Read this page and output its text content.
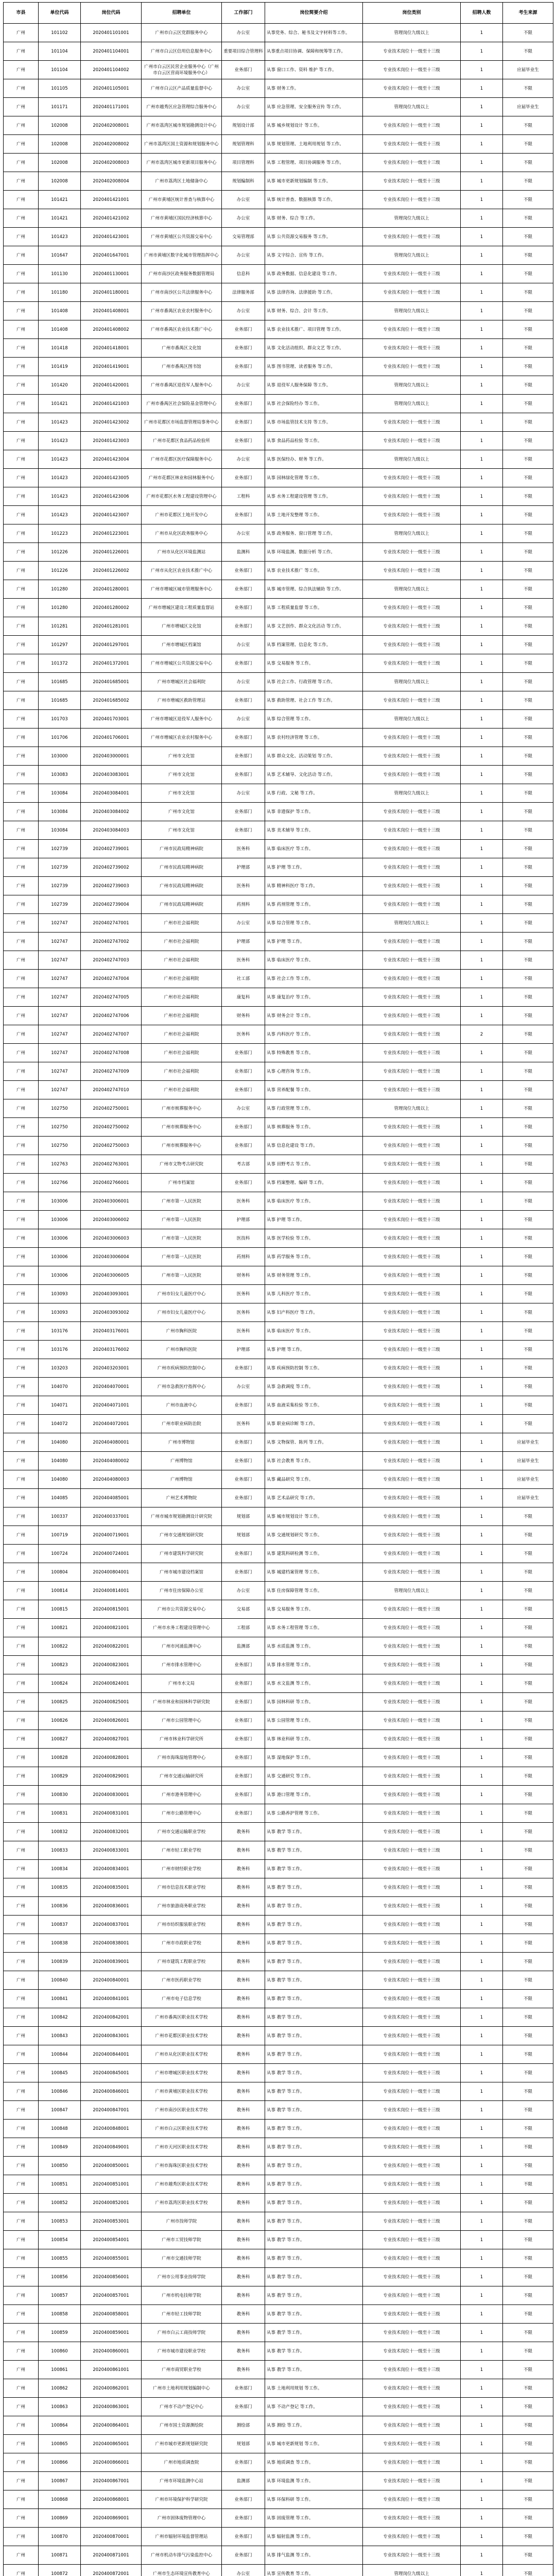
市县	单位代码	岗位代码	招聘单位	工作部门	岗位简要介绍	岗位类别	招聘人数	考生来源
广州	101102	2020401101001	广州市白云区党群服务中心	办公室	从事党务、综合、秘书及文字材料等工作。	管理岗位九级以上	1	不限
广州	101104	2020401104001	广州市白云区信用信息服务中心	重要项目综合管理科	从事重点项目协调、保障和统筹等工作。	专业技术岗位十一级至十三级	1	不限
广州	101104	2020401104002	广州市白云区民营企业服务中心（广州市白云区营商环境服务中心）	业务部门	从事 窗口工作、资料 维护 等工作。	专业技术岗位十一级至十三级	1	应届毕业生
广州	101105	2020401105001	广州市白云区产品质量监督中心	办公室	从事 财务工作。	专业技术岗位十一级至十三级	1	不限
广州	101171	2020401171001	广州市越秀区应急管理综合服务中心	办公室	从事 应急管理、安全服务宣传 等工作。	管理岗位九级以上	1	应届毕业生
广州	102008	2020402008001	广州市荔湾区城市规划勘测设计中心	规划设计部	从事 城乡规划设计 等工作。	专业技术岗位十一级至十三级	1	不限
广州	102008	2020402008002	广州市荔湾区国土资源和规划服务中心	规划管理科	从事 规划管理、土地利用规划 等工作。	专业技术岗位十一级至十三级	1	不限
广州	102008	2020402008003	广州市荔湾区城市更新项目服务中心	项目管理科	从事 工程管理、项目协调服务 等工作。	专业技术岗位十一级至十三级	1	不限
广州	102008	2020402008004	广州市荔湾区土地储备中心	规划编制科	从事 城市更新规划编制 等工作。	专业技术岗位十一级至十三级	1	不限
广州	101421	2020401421001	广州市黄埔区统计普查与核算中心	办公室	从事 统计普查、数据核算 等工作。	专业技术岗位十一级至十三级	1	不限
广州	101421	2020401421002	广州市黄埔区国民经济核算中心	办公室	从事 财务、综合 等工作。	管理岗位九级以上	1	不限
广州	101423	2020401423001	广州市黄埔区公共资源交易中心	交易管理部	从事 公共资源交易服务 等工作。	专业技术岗位十一级至十三级	1	不限
广州	101647	2020401647001	广州市黄埔区数字化城市管理指挥中心	办公室	从事 文字综合、宣传 等工作。	管理岗位九级以上	1	不限
广州	101130	2020401130001	广州市南沙区政务服务数据管理局	信息科	从事 政务数据、信息化建设 等工作。	专业技术岗位十一级至十三级	1	不限
广州	101180	2020401180001	广州市南沙区公共法律服务中心	法律服务部	从事 法律咨询、法律援助 等工作。	专业技术岗位十一级至十三级	1	不限
广州	101408	2020401408001	广州市番禺区农业农村服务中心	办公室	从事 财务、综合、会计 等工作。	管理岗位九级以上	1	不限
广州	101408	2020401408002	广州市番禺区农业技术推广中心	业务部门	从事 农业技术推广、项目管理 等工作。	专业技术岗位十一级至十三级	1	不限
广州	101418	2020401418001	广州市番禺区文化馆	业务部门	从事 文化活动组织、群众文艺 等工作。	专业技术岗位十一级至十三级	1	不限
广州	101419	2020401419001	广州市番禺区图书馆	业务部门	从事 图书管理、读者服务 等工作。	专业技术岗位十一级至十三级	1	不限
广州	101420	2020401420001	广州市番禺区退役军人服务中心	办公室	从事 退役军人服务保障 等工作。	管理岗位九级以上	1	不限
广州	101421	2020401421003	广州市番禺区社会保险基金管理中心	业务部门	从事 社会保险经办 等工作。	管理岗位九级以上	1	不限
广州	101423	2020401423002	广州市花都区市场监督管理局事务中心	业务部门	从事 市场监管技术支持 等工作。	专业技术岗位十一级至十三级	1	不限
广州	101423	2020401423003	广州市花都区食品药品检验所	业务部门	从事 食品药品检验 等工作。	专业技术岗位十一级至十三级	1	不限
广州	101423	2020401423004	广州市花都区医疗保障服务中心	办公室	从事 医保经办、财务 等工作。	管理岗位九级以上	1	不限
广州	101423	2020401423005	广州市花都区林业和园林服务中心	业务部门	从事 园林绿化管理 等工作。	专业技术岗位十一级至十三级	1	不限
广州	101423	2020401423006	广州市花都区水务工程建设管理中心	工程科	从事 水务工程建设管理 等工作。	专业技术岗位十一级至十三级	1	不限
广州	101423	2020401423007	广州市花都区土地开发中心	业务部门	从事 土地开发整理 等工作。	专业技术岗位十一级至十三级	1	不限
广州	101223	2020401223001	广州市从化区政务服务中心	办公室	从事 政务服务、窗口管理 等工作。	管理岗位九级以上	1	不限
广州	101226	2020401226001	广州市从化区环境监测站	监测科	从事 环境监测、数据分析 等工作。	专业技术岗位十一级至十三级	1	不限
广州	101226	2020401226002	广州市从化区农业技术推广中心	业务部门	从事 农业技术推广 等工作。	专业技术岗位十一级至十三级	1	不限
广州	101280	2020401280001	广州市增城区城市管理服务中心	业务部门	从事 城市管理、综合执法辅助 等工作。	管理岗位九级以上	1	不限
广州	101280	2020401280002	广州市增城区建设工程质量监督站	业务部门	从事 工程质量监督 等工作。	专业技术岗位十一级至十三级	1	不限
广州	101281	2020401281001	广州市增城区文化馆	业务部门	从事 文艺创作、群众文化活动 等工作。	专业技术岗位十一级至十三级	1	不限
广州	101297	2020401297001	广州市增城区档案馆	办公室	从事 档案管理、信息化 等工作。	专业技术岗位十一级至十三级	1	不限
广州	101372	2020401372001	广州市增城区公共资源交易中心	业务部门	从事 交易服务 等工作。	专业技术岗位十一级至十三级	1	不限
广州	101685	2020401685001	广州市增城区社会福利院	办公室	从事 社会工作、行政管理 等工作。	管理岗位九级以上	1	不限
广州	101685	2020401685002	广州市增城区救助管理站	业务部门	从事 救助管理、社会工作 等工作。	专业技术岗位十一级至十三级	1	不限
广州	101703	2020401703001	广州市增城区退役军人服务中心	办公室	从事 综合管理 等工作。	管理岗位九级以上	1	不限
广州	101706	2020401706001	广州市增城区农业农村服务中心	业务部门	从事 农村经济管理 等工作。	专业技术岗位十一级至十三级	1	不限
广州	103000	2020403000001	广州市文化馆	业务部门	从事 群众文化、活动策划 等工作。	专业技术岗位十一级至十三级	1	不限
广州	103083	2020403083001	广州市文化馆	业务部门	从事 艺术辅导、文化活动 等工作。	专业技术岗位十一级至十三级	1	不限
广州	103084	2020403084001	广州市文化馆	办公室	从事 行政、文秘 等工作。	管理岗位九级以上	1	不限
广州	103084	2020403084002	广州市文化馆	业务部门	从事 非遗保护 等工作。	专业技术岗位十一级至十三级	1	不限
广州	103084	2020403084003	广州市文化馆	业务部门	从事 美术辅导 等工作。	专业技术岗位十一级至十三级	1	不限
广州	102739	2020402739001	广州市民政局精神病院	医务科	从事 临床医疗 等工作。	专业技术岗位十一级至十三级	1	不限
广州	102739	2020402739002	广州市民政局精神病院	护理部	从事 护理 等工作。	专业技术岗位十一级至十三级	1	不限
广州	102739	2020402739003	广州市民政局精神病院	医务科	从事 精神科医疗 等工作。	专业技术岗位十一级至十三级	1	不限
广州	102739	2020402739004	广州市民政局精神病院	药剂科	从事 药剂管理 等工作。	专业技术岗位十一级至十三级	1	不限
广州	102747	2020402747001	广州市社会福利院	办公室	从事 综合管理 等工作。	管理岗位九级以上	1	不限
广州	102747	2020402747002	广州市社会福利院	护理部	从事 护理 等工作。	专业技术岗位十一级至十三级	1	不限
广州	102747	2020402747003	广州市社会福利院	医务科	从事 临床医疗 等工作。	专业技术岗位十一级至十三级	1	不限
广州	102747	2020402747004	广州市社会福利院	社工部	从事 社会工作 等工作。	专业技术岗位十一级至十三级	1	不限
广州	102747	2020402747005	广州市社会福利院	康复科	从事 康复治疗 等工作。	专业技术岗位十一级至十三级	1	不限
广州	102747	2020402747006	广州市社会福利院	财务科	从事 财务会计 等工作。	专业技术岗位十一级至十三级	1	不限
广州	102747	2020402747007	广州市社会福利院	医务科	从事 内科医疗 等工作。	专业技术岗位十一级至十三级	2	不限
广州	102747	2020402747008	广州市社会福利院	业务部门	从事 特殊教育 等工作。	专业技术岗位十一级至十三级	1	不限
广州	102747	2020402747009	广州市社会福利院	业务部门	从事 心理咨询 等工作。	专业技术岗位十一级至十三级	1	不限
广州	102747	2020402747010	广州市社会福利院	业务部门	从事 营养配餐 等工作。	专业技术岗位十一级至十三级	1	不限
广州	102750	2020402750001	广州市殡葬服务中心	办公室	从事 行政管理 等工作。	管理岗位九级以上	1	不限
广州	102750	2020402750002	广州市殡葬服务中心	业务部门	从事 殡葬服务 等工作。	专业技术岗位十一级至十三级	1	不限
广州	102750	2020402750003	广州市殡葬服务中心	业务部门	从事 信息化建设 等工作。	专业技术岗位十一级至十三级	1	不限
广州	102763	2020402763001	广州市文物考古研究院	考古部	从事 田野考古 等工作。	专业技术岗位十一级至十三级	1	不限
广州	102766	2020402766001	广州市档案馆	业务部门	从事 档案整理、编研 等工作。	专业技术岗位十一级至十三级	1	不限
广州	103006	2020403006001	广州市第一人民医院	医务科	从事 临床医疗 等工作。	专业技术岗位十一级至十三级	1	不限
广州	103006	2020403006002	广州市第一人民医院	护理部	从事 护理 等工作。	专业技术岗位十一级至十三级	1	不限
广州	103006	2020403006003	广州市第一人民医院	医技科	从事 医学检验 等工作。	专业技术岗位十一级至十三级	1	不限
广州	103006	2020403006004	广州市第一人民医院	药剂科	从事 药学服务 等工作。	专业技术岗位十一级至十三级	1	不限
广州	103006	2020403006005	广州市第一人民医院	财务科	从事 财务管理 等工作。	专业技术岗位十一级至十三级	1	不限
广州	103093	2020403093001	广州市妇女儿童医疗中心	医务科	从事 儿科医疗 等工作。	专业技术岗位十一级至十三级	1	不限
广州	103093	2020403093002	广州市妇女儿童医疗中心	医务科	从事 妇产科医疗 等工作。	专业技术岗位十一级至十三级	1	不限
广州	103176	2020403176001	广州市胸科医院	医务科	从事 临床医疗 等工作。	专业技术岗位十一级至十三级	1	不限
广州	103176	2020403176002	广州市胸科医院	护理部	从事 护理 等工作。	专业技术岗位十一级至十三级	1	不限
广州	103203	2020403203001	广州市疾病预防控制中心	业务部门	从事 疾病预防控制 等工作。	专业技术岗位十一级至十三级	1	不限
广州	104070	2020404070001	广州市急救医疗指挥中心	办公室	从事 急救调度 等工作。	专业技术岗位十一级至十三级	1	不限
广州	104071	2020404071001	广州市血液中心	业务部门	从事 血液采集检验 等工作。	专业技术岗位十一级至十三级	1	不限
广州	104072	2020404072001	广州市职业病防治院	医务科	从事 职业病诊断 等工作。	专业技术岗位十一级至十三级	1	不限
广州	104080	2020404080001	广州市博物馆	业务部门	从事 文物保管、陈列 等工作。	专业技术岗位十一级至十三级	1	应届毕业生
广州	104080	2020404080002	广州博物馆	业务部门	从事 社会教育 等工作。	专业技术岗位十一级至十三级	1	应届毕业生
广州	104080	2020404080003	广州博物馆	业务部门	从事 藏品研究 等工作。	专业技术岗位十一级至十三级	1	应届毕业生
广州	104085	2020404085001	广州艺术博物院	业务部门	从事 艺术品研究 等工作。	专业技术岗位十一级至十三级	1	应届毕业生
广州	100337	2020400337001	广州市城市规划勘测设计研究院	规划部	从事 城市规划设计 等工作。	专业技术岗位十一级至十三级	1	不限
广州	100719	2020400719001	广州市交通规划研究院	规划部	从事 交通规划研究 等工作。	专业技术岗位十一级至十三级	1	不限
广州	100724	2020400724001	广州市建筑科学研究院	业务部门	从事 建筑科研检测 等工作。	专业技术岗位十一级至十三级	1	不限
广州	100804	2020400804001	广州市城市建设档案馆	业务部门	从事 城建档案管理 等工作。	专业技术岗位十一级至十三级	1	不限
广州	100814	2020400814001	广州市住房保障办公室	办公室	从事 住房保障管理 等工作。	管理岗位九级以上	1	不限
广州	100815	2020400815001	广州市公共资源交易中心	交易部	从事 交易服务 等工作。	专业技术岗位十一级至十三级	1	不限
广州	100821	2020400821001	广州市水务工程建设管理中心	工程部	从事 水务工程管理 等工作。	专业技术岗位十一级至十三级	1	不限
广州	100822	2020400822001	广州市河涌监测中心	监测部	从事 水质监测 等工作。	专业技术岗位十一级至十三级	1	不限
广州	100823	2020400823001	广州市排水管理中心	业务部门	从事 排水管理 等工作。	专业技术岗位十一级至十三级	1	不限
广州	100824	2020400824001	广州市水文局	业务部门	从事 水文监测 等工作。	专业技术岗位十一级至十三级	1	不限
广州	100825	2020400825001	广州市林业和园林科学研究院	业务部门	从事 园林科研 等工作。	专业技术岗位十一级至十三级	1	不限
广州	100826	2020400826001	广州市公园管理中心	业务部门	从事 公园管理 等工作。	专业技术岗位十一级至十三级	1	不限
广州	100827	2020400827001	广州市林业科学研究所	业务部门	从事 林业科研 等工作。	专业技术岗位十一级至十三级	1	不限
广州	100828	2020400828001	广州市海珠湿地管理中心	业务部门	从事 湿地保护 等工作。	专业技术岗位十一级至十三级	1	不限
广州	100829	2020400829001	广州市交通运输研究所	业务部门	从事 交通研究 等工作。	专业技术岗位十一级至十三级	1	不限
广州	100830	2020400830001	广州市港务管理中心	业务部门	从事 港口管理 等工作。	专业技术岗位十一级至十三级	1	不限
广州	100831	2020400831001	广州市公路管理中心	业务部门	从事 公路养护管理 等工作。	专业技术岗位十一级至十三级	1	不限
广州	100832	2020400832001	广州市交通运输职业学校	教务科	从事 教学 等工作。	专业技术岗位十一级至十三级	1	不限
广州	100833	2020400833001	广州市轻工职业学校	教务科	从事 教学 等工作。	专业技术岗位十一级至十三级	1	不限
广州	100834	2020400834001	广州市财经职业学校	教务科	从事 教学 等工作。	专业技术岗位十一级至十三级	1	不限
广州	100835	2020400835001	广州市信息技术职业学校	教务科	从事 教学 等工作。	专业技术岗位十一级至十三级	1	不限
广州	100836	2020400836001	广州市旅游商务职业学校	教务科	从事 教学 等工作。	专业技术岗位十一级至十三级	1	不限
广州	100837	2020400837001	广州市纺织服装职业学校	教务科	从事 教学 等工作。	专业技术岗位十一级至十三级	1	不限
广州	100838	2020400838001	广州市市政职业学校	教务科	从事 教学 等工作。	专业技术岗位十一级至十三级	1	不限
广州	100839	2020400839001	广州市建筑工程职业学校	教务科	从事 教学 等工作。	专业技术岗位十一级至十三级	1	不限
广州	100840	2020400840001	广州市医药职业学校	教务科	从事 教学 等工作。	专业技术岗位十一级至十三级	1	不限
广州	100841	2020400841001	广州市电子信息学校	教务科	从事 教学 等工作。	专业技术岗位十一级至十三级	1	不限
广州	100842	2020400842001	广州市番禺区职业技术学校	教务科	从事 教学 等工作。	专业技术岗位十一级至十三级	1	不限
广州	100843	2020400843001	广州市花都区职业技术学校	教务科	从事 教学 等工作。	专业技术岗位十一级至十三级	1	不限
广州	100844	2020400844001	广州市从化区职业技术学校	教务科	从事 教学 等工作。	专业技术岗位十一级至十三级	1	不限
广州	100845	2020400845001	广州市增城区职业技术学校	教务科	从事 教学 等工作。	专业技术岗位十一级至十三级	1	不限
广州	100846	2020400846001	广州市黄埔区职业技术学校	教务科	从事 教学 等工作。	专业技术岗位十一级至十三级	1	不限
广州	100847	2020400847001	广州市南沙区职业技术学校	教务科	从事 教学 等工作。	专业技术岗位十一级至十三级	1	不限
广州	100848	2020400848001	广州市白云区职业技术学校	教务科	从事 教学 等工作。	专业技术岗位十一级至十三级	1	不限
广州	100849	2020400849001	广州市天河区职业技术学校	教务科	从事 教学 等工作。	专业技术岗位十一级至十三级	1	不限
广州	100850	2020400850001	广州市海珠区职业技术学校	教务科	从事 教学 等工作。	专业技术岗位十一级至十三级	1	不限
广州	100851	2020400851001	广州市越秀区职业技术学校	教务科	从事 教学 等工作。	专业技术岗位十一级至十三级	1	不限
广州	100852	2020400852001	广州市荔湾区职业技术学校	教务科	从事 教学 等工作。	专业技术岗位十一级至十三级	1	不限
广州	100853	2020400853001	广州市技师学院	教务科	从事 教学 等工作。	专业技术岗位十一级至十三级	1	不限
广州	100854	2020400854001	广州市工贸技师学院	教务科	从事 教学 等工作。	专业技术岗位十一级至十三级	1	不限
广州	100855	2020400855001	广州市交通技师学院	教务科	从事 教学 等工作。	专业技术岗位十一级至十三级	1	不限
广州	100856	2020400856001	广州市公用事业技师学院	教务科	从事 教学 等工作。	专业技术岗位十一级至十三级	1	不限
广州	100857	2020400857001	广州市机电技师学院	教务科	从事 教学 等工作。	专业技术岗位十一级至十三级	1	不限
广州	100858	2020400858001	广州市轻工技师学院	教务科	从事 教学 等工作。	专业技术岗位十一级至十三级	1	不限
广州	100859	2020400859001	广州市白云工商技师学院	教务科	从事 教学 等工作。	专业技术岗位十一级至十三级	1	不限
广州	100860	2020400860001	广州市城市建设职业学校	教务科	从事 教学 等工作。	专业技术岗位十一级至十三级	1	不限
广州	100861	2020400861001	广州市商贸职业学校	教务科	从事 教学 等工作。	专业技术岗位十一级至十三级	1	不限
广州	100862	2020400862001	广州市土地利用规划编制中心	业务部门	从事 土地利用规划 等工作。	专业技术岗位十一级至十三级	1	不限
广州	100863	2020400863001	广州市不动产登记中心	业务部门	从事 不动产登记 等工作。	专业技术岗位十一级至十三级	1	不限
广州	100864	2020400864001	广州市国土资源测绘院	测绘部	从事 测绘 等工作。	专业技术岗位十一级至十三级	1	不限
广州	100865	2020400865001	广州市城市更新规划研究院	规划部	从事 城市更新规划 等工作。	专业技术岗位十一级至十三级	1	不限
广州	100866	2020400866001	广州市地质调查院	业务部门	从事 地质调查 等工作。	专业技术岗位十一级至十三级	1	不限
广州	100867	2020400867001	广州市环境监测中心站	监测部	从事 环境监测 等工作。	专业技术岗位十一级至十三级	1	不限
广州	100868	2020400868001	广州市环境保护科学研究院	业务部门	从事 环保科研 等工作。	专业技术岗位十一级至十三级	1	不限
广州	100869	2020400869001	广州市固体废物管理中心	业务部门	从事 固废管理 等工作。	专业技术岗位十一级至十三级	1	不限
广州	100870	2020400870001	广州市辐射环境监督管理站	业务部门	从事 辐射监测 等工作。	专业技术岗位十一级至十三级	1	不限
广州	100871	2020400871001	广州市机动车排气污染监控中心	业务部门	从事 排气监测 等工作。	专业技术岗位十一级至十三级	1	不限
广州	100872	2020400872001	广州市生态环境宣传教育中心	办公室	从事 宣传教育 等工作。	管理岗位九级以上	1	不限
